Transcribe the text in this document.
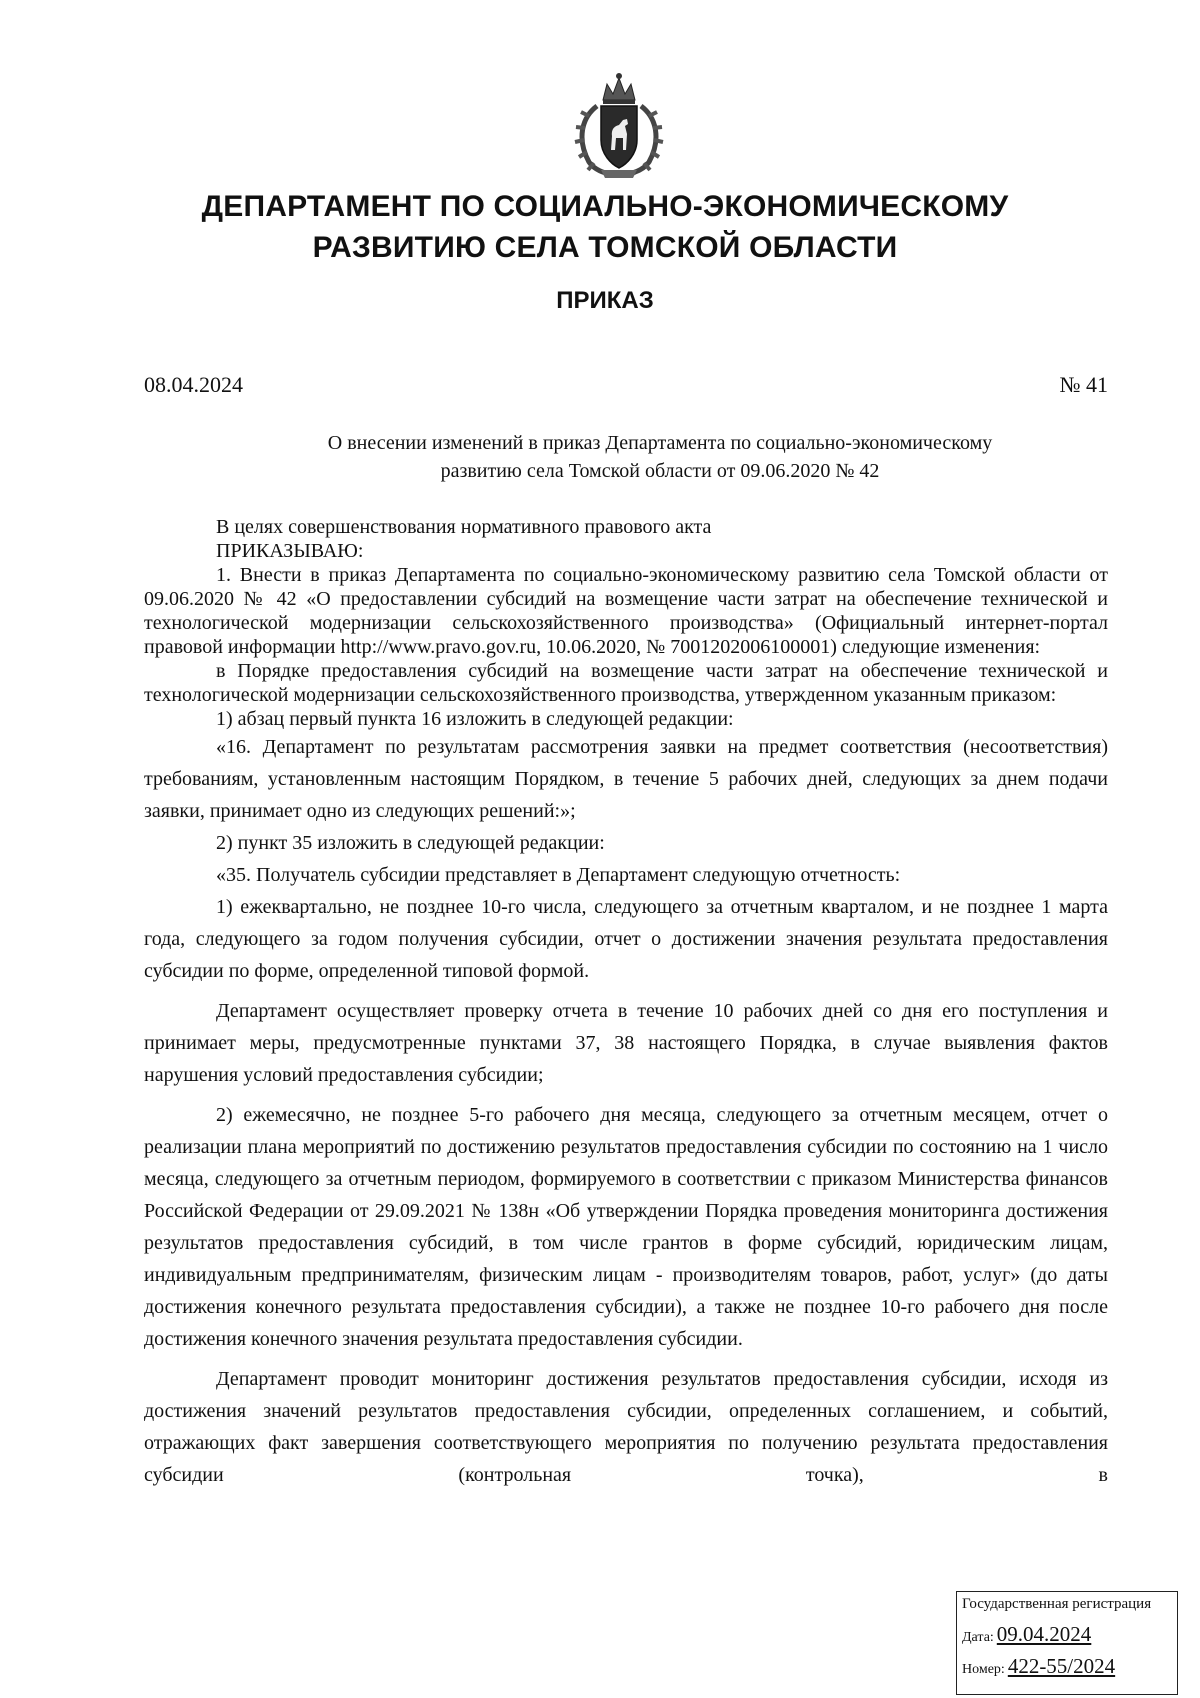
ДЕПАРТАМЕНТ ПО СОЦИАЛЬНО-ЭКОНОМИЧЕСКОМУ
РАЗВИТИЮ СЕЛА ТОМСКОЙ ОБЛАСТИ
ПРИКАЗ
08.04.2024	№ 41
О внесении изменений в приказ Департамента по социально-экономическому
развитию села Томской области от 09.06.2020 № 42

В целях совершенствования нормативного правового акта

ПРИКАЗЫВАЮ:

1. Внести в приказ Департамента по социально-экономическому развитию села Томской области от 09.06.2020 № 42 «О предоставлении субсидий на возмещение части затрат на обеспечение технической и технологической модернизации сельскохозяйственного производства» (Официальный интернет-портал правовой информации http://www.pravo.gov.ru, 10.06.2020, № 7001202006100001) следующие изменения:

в Порядке предоставления субсидий на возмещение части затрат на обеспечение технической и технологической модернизации сельскохозяйственного производства, утвержденном указанным приказом:

1) абзац первый пункта 16 изложить в следующей редакции:

«16. Департамент по результатам рассмотрения заявки на предмет соответствия (несоответствия) требованиям, установленным настоящим Порядком, в течение 5 рабочих дней, следующих за днем подачи заявки, принимает одно из следующих решений:»;

2) пункт 35 изложить в следующей редакции:

«35. Получатель субсидии представляет в Департамент следующую отчетность:

1) ежеквартально, не позднее 10-го числа, следующего за отчетным кварталом, и не позднее 1 марта года, следующего за годом получения субсидии, отчет о достижении значения результата предоставления субсидии по форме, определенной типовой формой.

Департамент осуществляет проверку отчета в течение 10 рабочих дней со дня его поступления и принимает меры, предусмотренные пунктами 37, 38 настоящего Порядка, в случае выявления фактов нарушения условий предоставления субсидии;

2) ежемесячно, не позднее 5-го рабочего дня месяца, следующего за отчетным месяцем, отчет о реализации плана мероприятий по достижению результатов предоставления субсидии по состоянию на 1 число месяца, следующего за отчетным периодом, формируемого в соответствии с приказом Министерства финансов Российской Федерации от 29.09.2021 № 138н «Об утверждении Порядка проведения мониторинга достижения результатов предоставления субсидий, в том числе грантов в форме субсидий, юридическим лицам, индивидуальным предпринимателям, физическим лицам - производителям товаров, работ, услуг» (до даты достижения конечного результата предоставления субсидии), а также не позднее 10-го рабочего дня после достижения конечного значения результата предоставления субсидии.

Департамент проводит мониторинг достижения результатов предоставления субсидии, исходя из достижения значений результатов предоставления субсидии, определенных соглашением, и событий, отражающих факт завершения соответствующего мероприятия по получению результата предоставления субсидии (контрольная точка), в

Государственная регистрация
Дата: 09.04.2024
Номер: 422-55/2024
